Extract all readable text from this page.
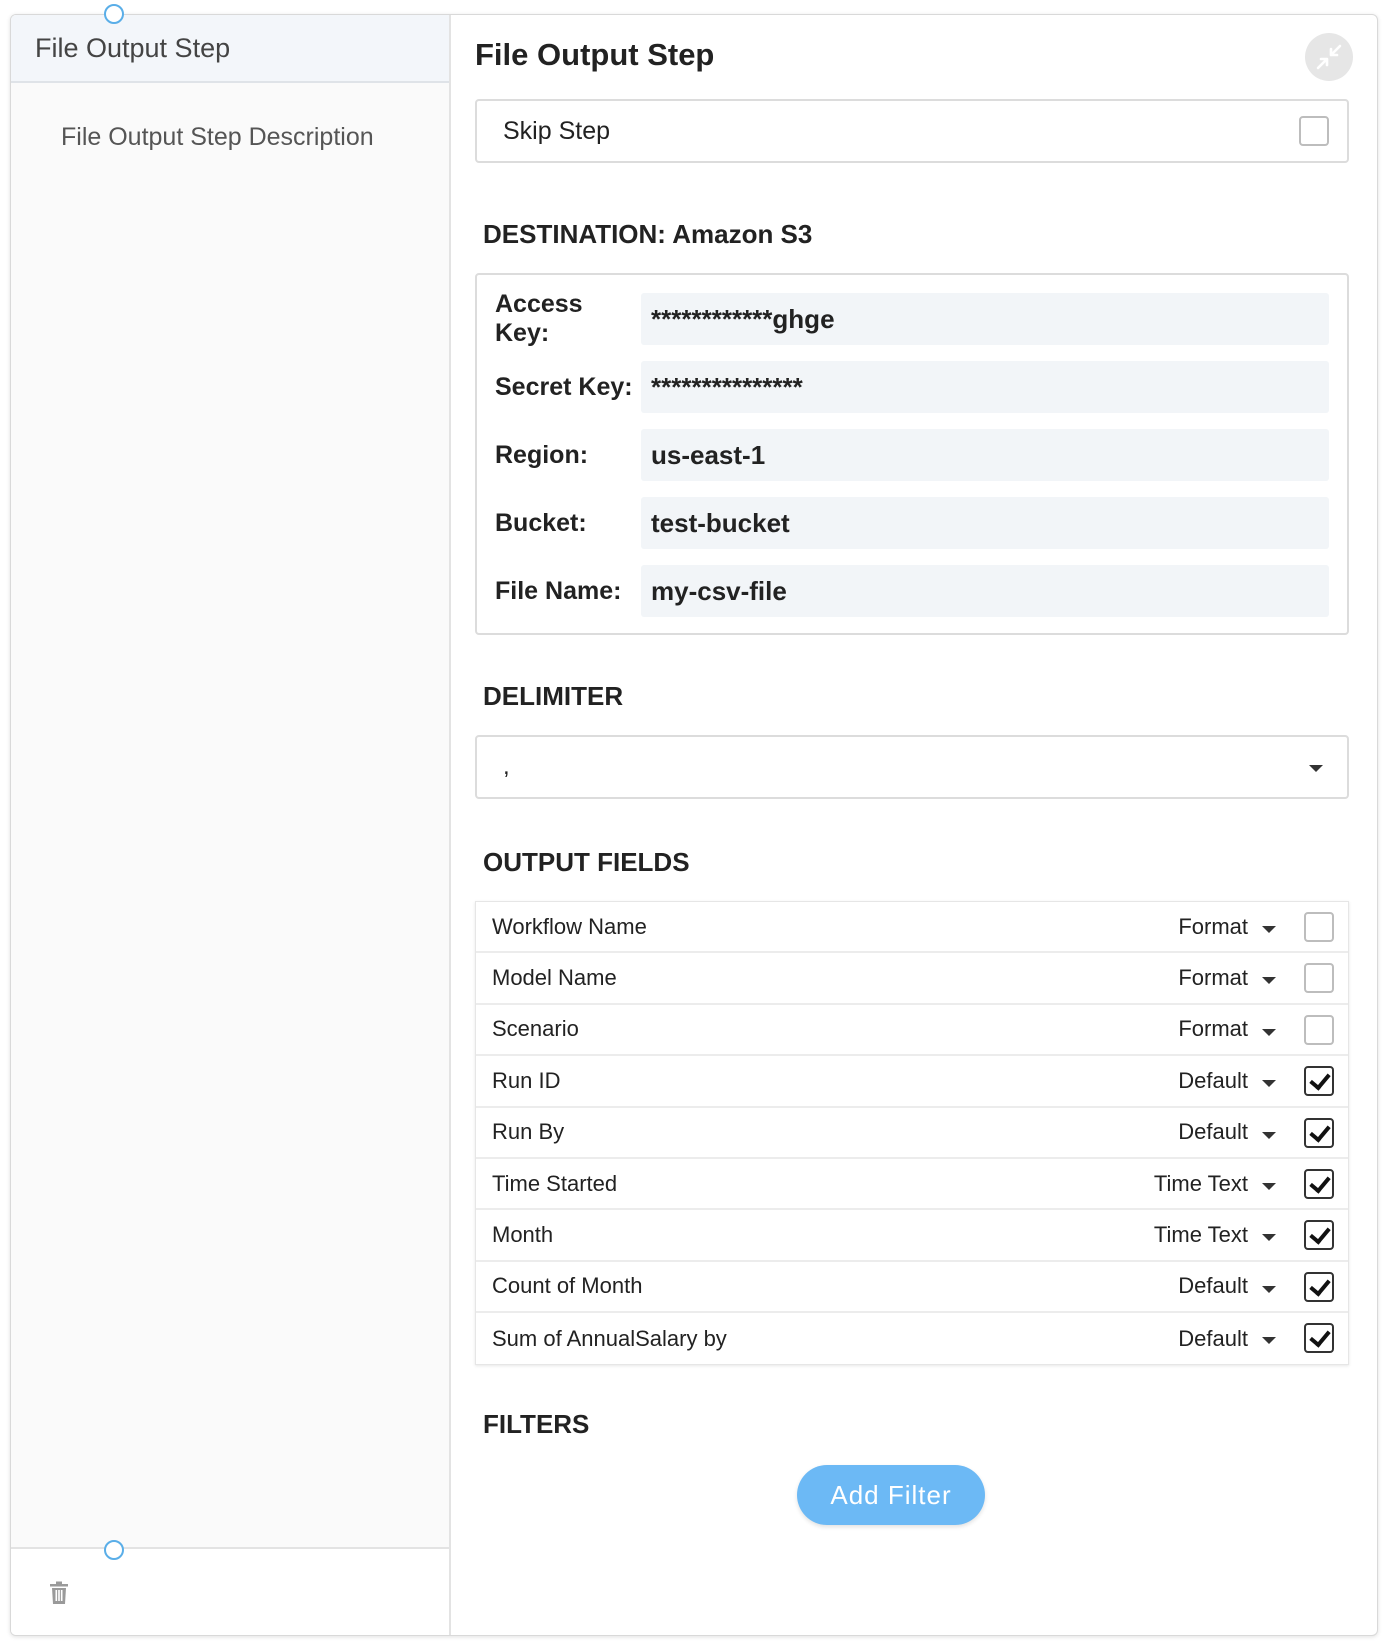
File Output Step
File Output Step Description
File Output Step
Skip Step
DESTINATION: Amazon S3
Access Key:	************ghge
Secret Key: ***************
Region:	us-east-1
Bucket:	test-bucket
File Name:	my-csv-file
DELIMITER
,
OUTPUT FIELDS
Workflow Name	Format
Model Name	Format
Scenario	Format
Run ID	Default
Run By	Default
Time Started	Time Text
Month	Time Text
Count of Month	Default
Sum of AnnualSalary by	Default
FILTERS
Add Filter
